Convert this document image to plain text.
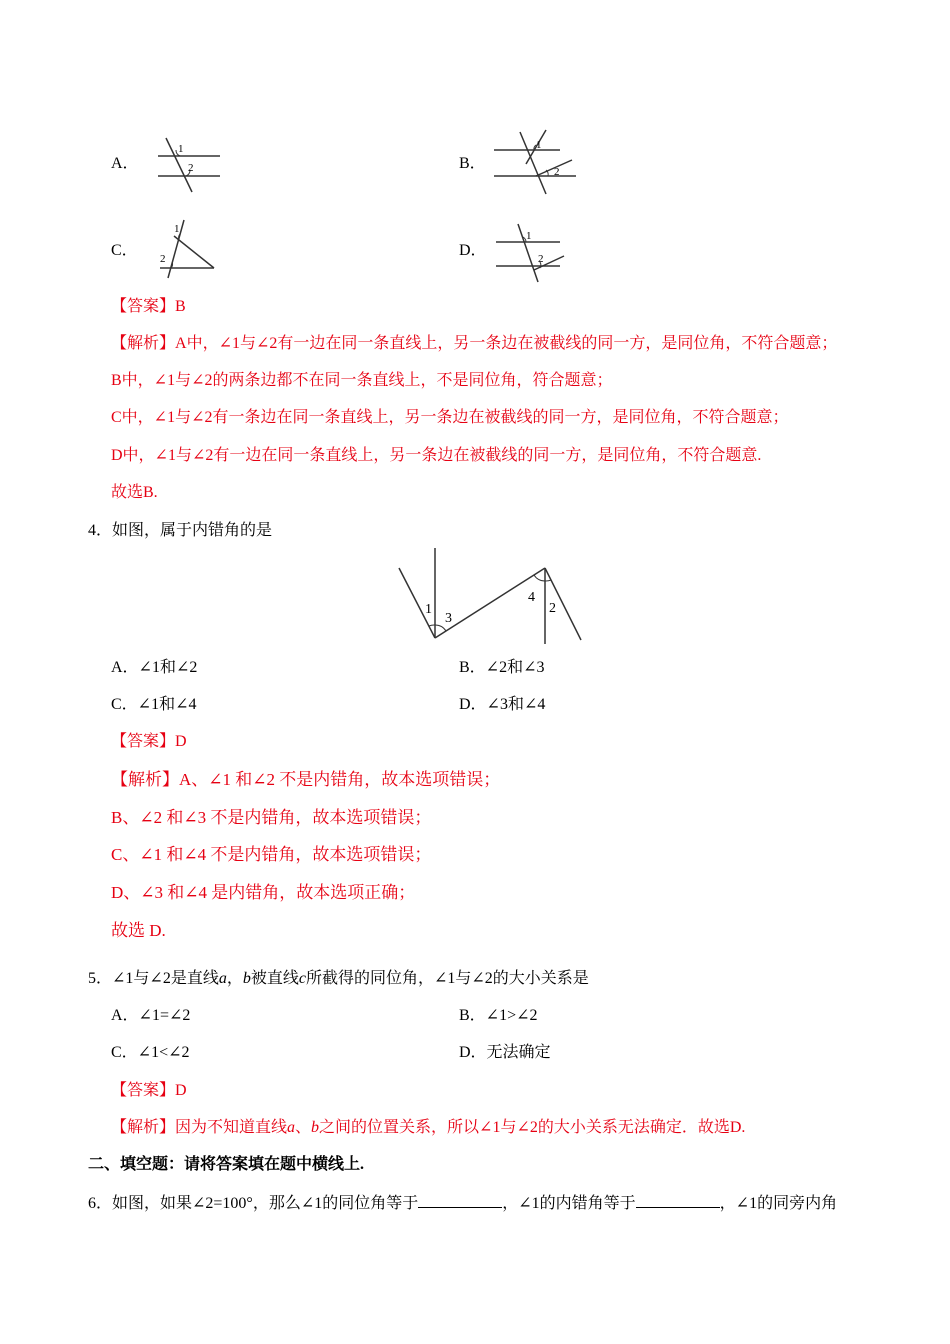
A．
1
2	B．
1
2
C．
1
2	D．
1
2
【答案】B
【解析】A中，∠1与∠2有一边在同一条直线上，另一条边在被截线的同一方，是同位角，不符合题意；
B中，∠1与∠2的两条边都不在同一条直线上，不是同位角，符合题意；
C中，∠1与∠2有一条边在同一条直线上，另一条边在被截线的同一方，是同位角，不符合题意；
D中，∠1与∠2有一边在同一条直线上，另一条边在被截线的同一方，是同位角，不符合题意.
故选B.
4．如图，属于内错角的是
1
3
4
2
A．∠1和∠2	B．∠2和∠3
C．∠1和∠4	D．∠3和∠4
【答案】D
【解析】A、∠1 和∠2 不是内错角，故本选项错误；
B、∠2 和∠3 不是内错角，故本选项错误；
C、∠1 和∠4 不是内错角，故本选项错误；
D、∠3 和∠4 是内错角，故本选项正确；
故选 D.
5．∠1与∠2是直线a，b被直线c所截得的同位角，∠1与∠2的大小关系是
A．∠1=∠2	B．∠1>∠2
C．∠1<∠2	D．无法确定
【答案】D
【解析】因为不知道直线a、b之间的位置关系，所以∠1与∠2的大小关系无法确定．故选D.
二、填空题：请将答案填在题中横线上.
6．如图，如果∠2=100°，那么∠1的同位角等于	，∠1的内错角等于	，∠1的同旁内角
